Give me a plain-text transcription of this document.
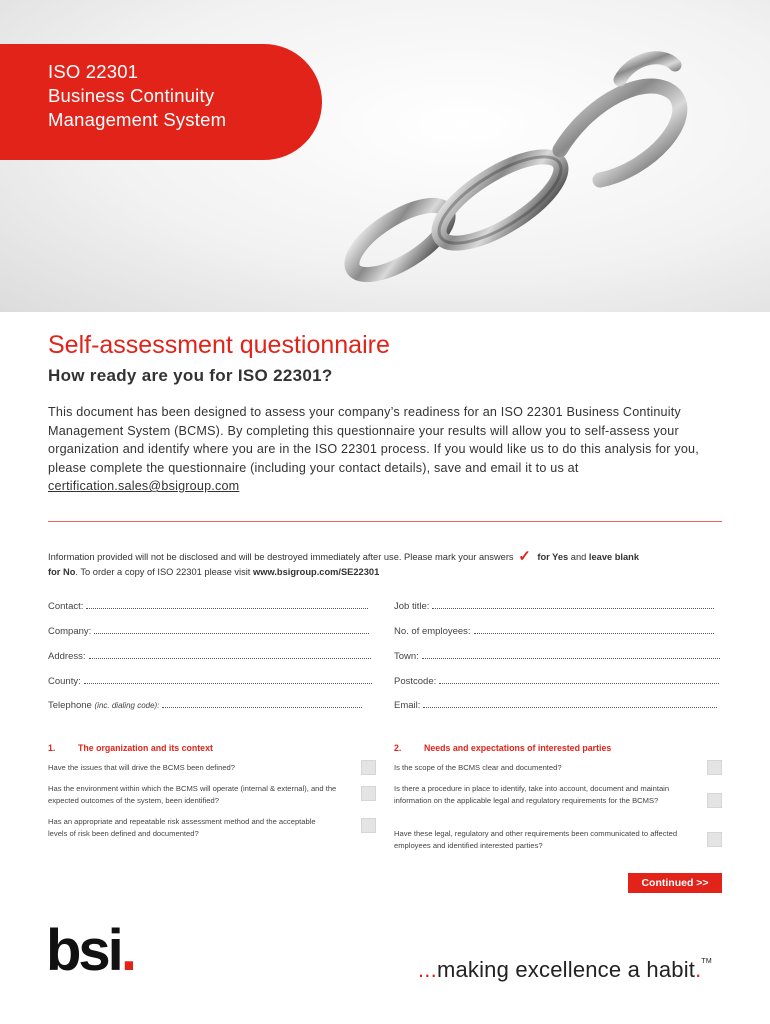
ISO 22301
Business Continuity
Management System
Self-assessment questionnaire
How ready are you for ISO 22301?

This document has been designed to assess your company’s readiness for an ISO 22301 Business Continuity Management System (BCMS). By completing this questionnaire your results will allow you to self-assess your organization and identify where you are in the ISO 22301 process. If you would like us to do this analysis for you, please complete the questionnaire (including your contact details), save and email it to us at certification.sales@bsigroup.com

Information provided will not be disclosed and will be destroyed immediately after use. Please mark your answers ✓ for Yes and leave blank
for No. To order a copy of ISO 22301 please visit www.bsigroup.com/SE22301

Contact:	Job title:
Company:	No. of employees:
Address:	Town:
County:	Postcode:
Telephone (inc. dialing code):	Email:
1.	The organization and its context
Have the issues that will drive the BCMS been defined?
Has the environment within which the BCMS will operate (internal & external), and the expected outcomes of the system, been identified?
Has an appropriate and repeatable risk assessment method and the acceptable levels of risk been defined and documented?
2.	Needs and expectations of interested parties
Is the scope of the BCMS clear and documented?
Is there a procedure in place to identify, take into account, document and maintain information on the applicable legal and regulatory requirements for the BCMS?
Have these legal, regulatory and other requirements been communicated to affected employees and identified interested parties?
Continued >>
bsi.	...making excellence a habit.™
